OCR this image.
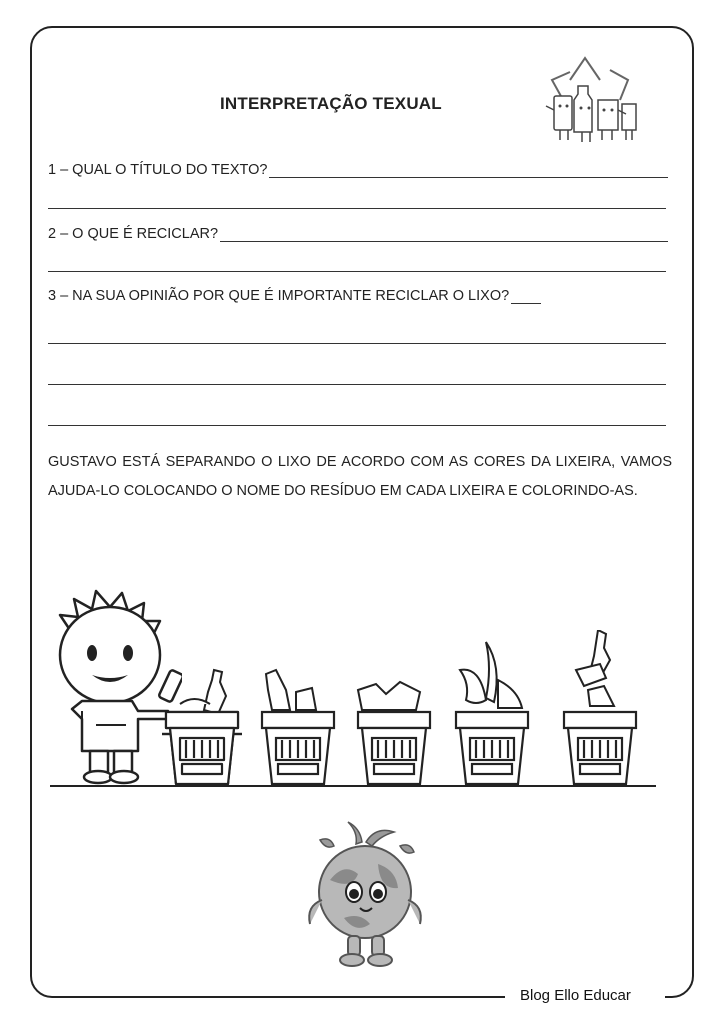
Blog Ello Educar
INTERPRETAÇÃO TEXUAL
1 – QUAL O TÍTULO DO TEXTO?
2 – O QUE É RECICLAR?
3 – NA SUA OPINIÃO POR QUE É IMPORTANTE RECICLAR O LIXO?
GUSTAVO ESTÁ SEPARANDO O LIXO DE ACORDO COM AS CORES DA LIXEIRA, VAMOS AJUDA-LO COLOCANDO O NOME DO RESÍDUO EM CADA LIXEIRA E COLORINDO-AS.
